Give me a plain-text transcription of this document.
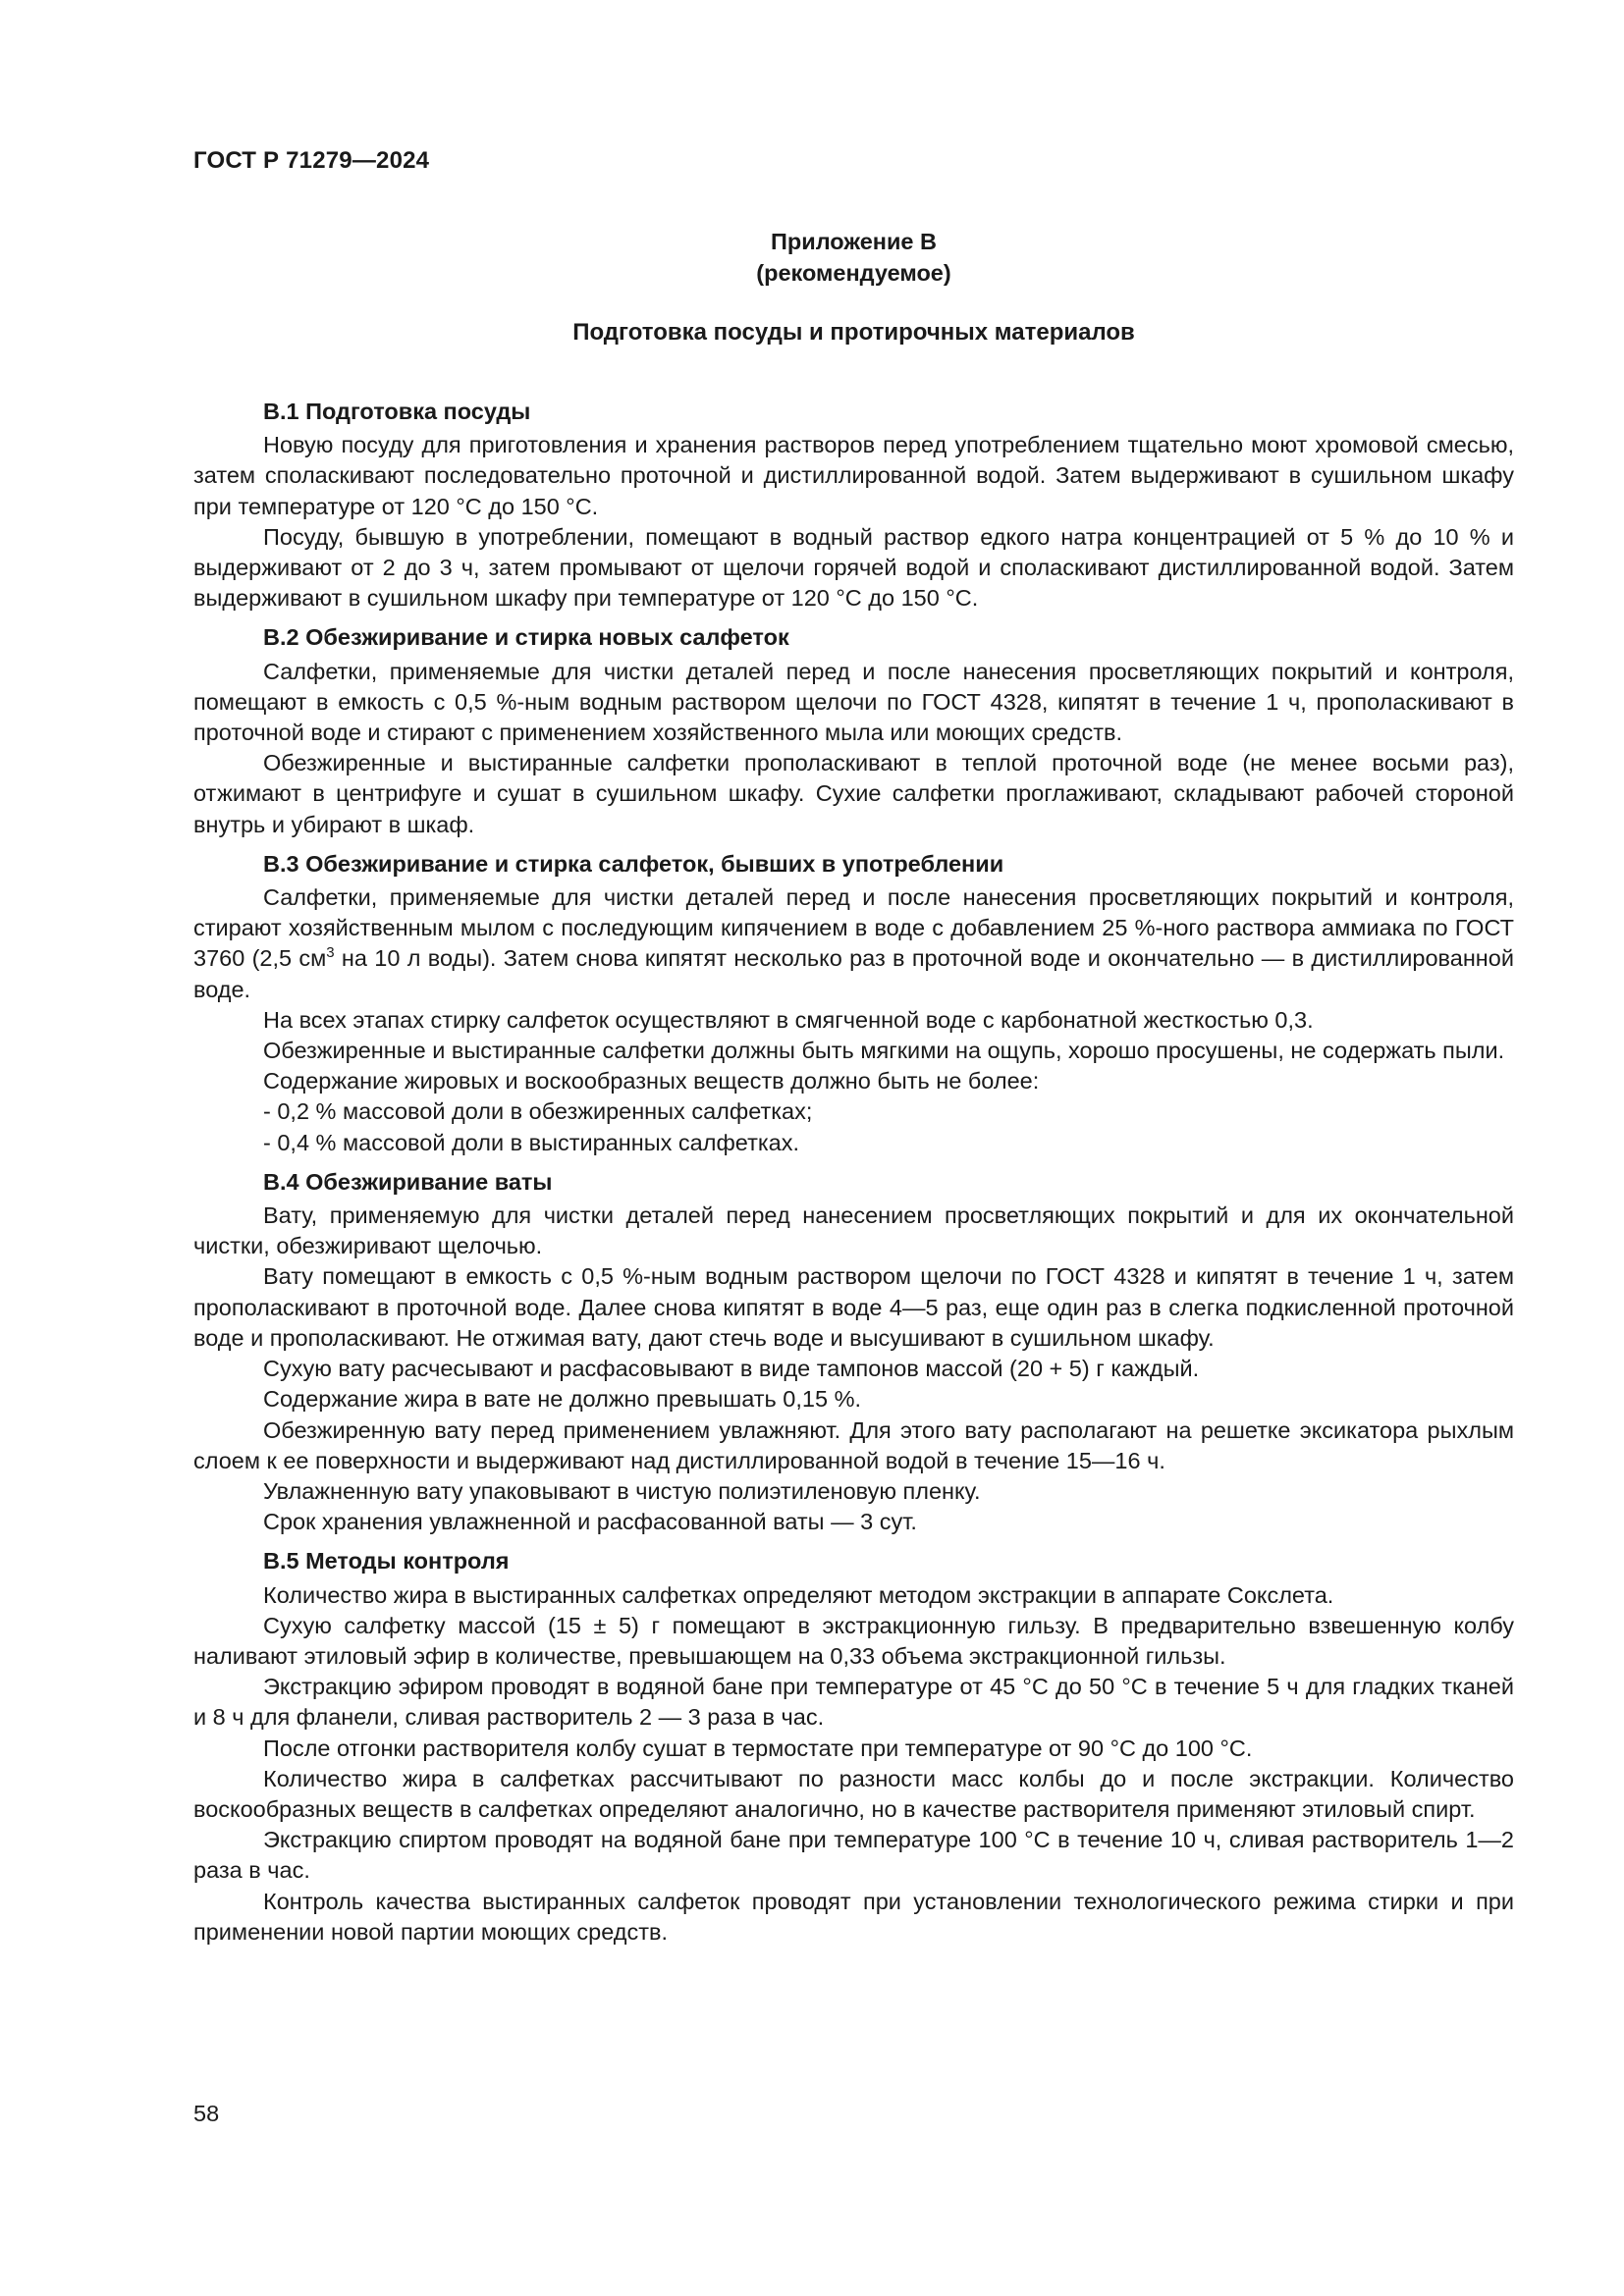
ГОСТ Р 71279—2024
Приложение В
(рекомендуемое)
Подготовка посуды и протирочных материалов

В.1 Подготовка посуды

Новую посуду для приготовления и хранения растворов перед употреблением тщательно моют хромовой смесью, затем споласкивают последовательно проточной и дистиллированной водой. Затем выдерживают в сушильном шкафу при температуре от 120 °С до 150 °С.

Посуду, бывшую в употреблении, помещают в водный раствор едкого натра концентрацией от 5 % до 10 % и выдерживают от 2 до 3 ч, затем промывают от щелочи горячей водой и споласкивают дистиллированной водой. Затем выдерживают в сушильном шкафу при температуре от 120 °С до 150 °С.

В.2 Обезжиривание и стирка новых салфеток

Салфетки, применяемые для чистки деталей перед и после нанесения просветляющих покрытий и контроля, помещают в емкость с 0,5 %-ным водным раствором щелочи по ГОСТ 4328, кипятят в течение 1 ч, прополаскивают в проточной воде и стирают с применением хозяйственного мыла или моющих средств.

Обезжиренные и выстиранные салфетки прополаскивают в теплой проточной воде (не менее восьми раз), отжимают в центрифуге и сушат в сушильном шкафу. Сухие салфетки проглаживают, складывают рабочей стороной внутрь и убирают в шкаф.

В.3 Обезжиривание и стирка салфеток, бывших в употреблении

Салфетки, применяемые для чистки деталей перед и после нанесения просветляющих покрытий и контроля, стирают хозяйственным мылом с последующим кипячением в воде с добавлением 25 %-ного раствора аммиака по ГОСТ 3760 (2,5 $см^3$ на 10 л воды). Затем снова кипятят несколько раз в проточной воде и окончательно — в дистиллированной воде.

На всех этапах стирку салфеток осуществляют в смягченной воде с карбонатной жесткостью 0,3.

Обезжиренные и выстиранные салфетки должны быть мягкими на ощупь, хорошо просушены, не содержать пыли.

Содержание жировых и воскообразных веществ должно быть не более:

- 0,2 % массовой доли в обезжиренных салфетках;

- 0,4 % массовой доли в выстиранных салфетках.

В.4 Обезжиривание ваты

Вату, применяемую для чистки деталей перед нанесением просветляющих покрытий и для их окончательной чистки, обезжиривают щелочью.

Вату помещают в емкость с 0,5 %-ным водным раствором щелочи по ГОСТ 4328 и кипятят в течение 1 ч, затем прополаскивают в проточной воде. Далее снова кипятят в воде 4—5 раз, еще один раз в слегка подкисленной проточной воде и прополаскивают. Не отжимая вату, дают стечь воде и высушивают в сушильном шкафу.

Сухую вату расчесывают и расфасовывают в виде тампонов массой (20 + 5) г каждый.

Содержание жира в вате не должно превышать 0,15 %.

Обезжиренную вату перед применением увлажняют. Для этого вату располагают на решетке эксикатора рыхлым слоем к ее поверхности и выдерживают над дистиллированной водой в течение 15—16 ч.

Увлажненную вату упаковывают в чистую полиэтиленовую пленку.

Срок хранения увлажненной и расфасованной ваты — 3 сут.

В.5 Методы контроля

Количество жира в выстиранных салфетках определяют методом экстракции в аппарате Сокслета.

Сухую салфетку массой (15 ± 5) г помещают в экстракционную гильзу. В предварительно взвешенную колбу наливают этиловый эфир в количестве, превышающем на 0,33 объема экстракционной гильзы.

Экстракцию эфиром проводят в водяной бане при температуре от 45 °С до 50 °С в течение 5 ч для гладких тканей и 8 ч для фланели, сливая растворитель 2 — 3 раза в час.

После отгонки растворителя колбу сушат в термостате при температуре от 90 °С до 100 °С.

Количество жира в салфетках рассчитывают по разности масс колбы до и после экстракции. Количество воскообразных веществ в салфетках определяют аналогично, но в качестве растворителя применяют этиловый спирт.

Экстракцию спиртом проводят на водяной бане при температуре 100 °С в течение 10 ч, сливая растворитель 1—2 раза в час.

Контроль качества выстиранных салфеток проводят при установлении технологического режима стирки и при применении новой партии моющих средств.

58
